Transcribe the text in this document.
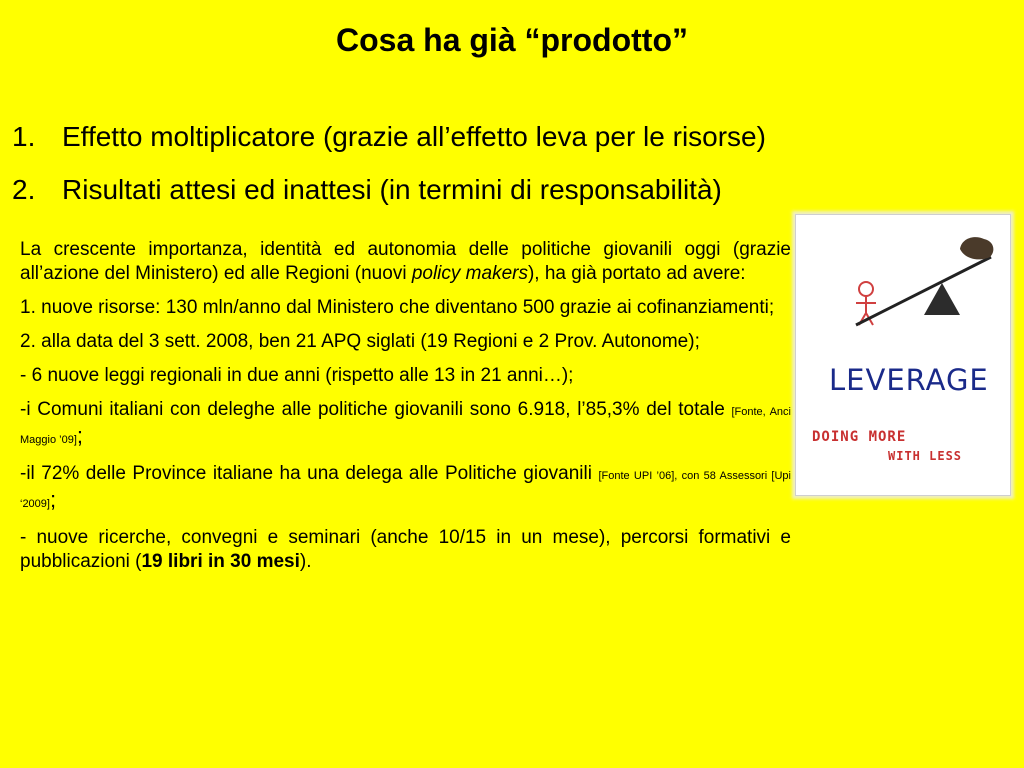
Cosa ha già “prodotto”
1. Effetto moltiplicatore (grazie all’effetto leva per le risorse)
2. Risultati attesi ed inattesi (in termini di responsabilità)

La crescente importanza, identità ed autonomia delle politiche giovanili oggi (grazie all’azione del Ministero) ed alle Regioni (nuovi policy makers), ha già portato ad avere:

1. nuove risorse: 130 mln/anno dal Ministero che diventano 500 grazie ai cofinanziamenti;

2. alla data del 3 sett. 2008, ben 21 APQ siglati (19 Regioni e 2 Prov. Autonome);

- 6 nuove leggi regionali in due anni (rispetto alle 13 in 21 anni…);

-i Comuni italiani con deleghe alle politiche giovanili sono 6.918, l’85,3% del totale [Fonte, Anci Maggio ’09];

-il 72% delle Province italiane ha una delega alle Politiche giovanili [Fonte UPI ’06], con 58 Assessori [Upi ‘2009];

- nuove ricerche, convegni e seminari (anche 10/15 in un mese), percorsi formativi e pubblicazioni (19 libri in 30 mesi).

LEVERAGE
DOING MORE
WITH LESS
